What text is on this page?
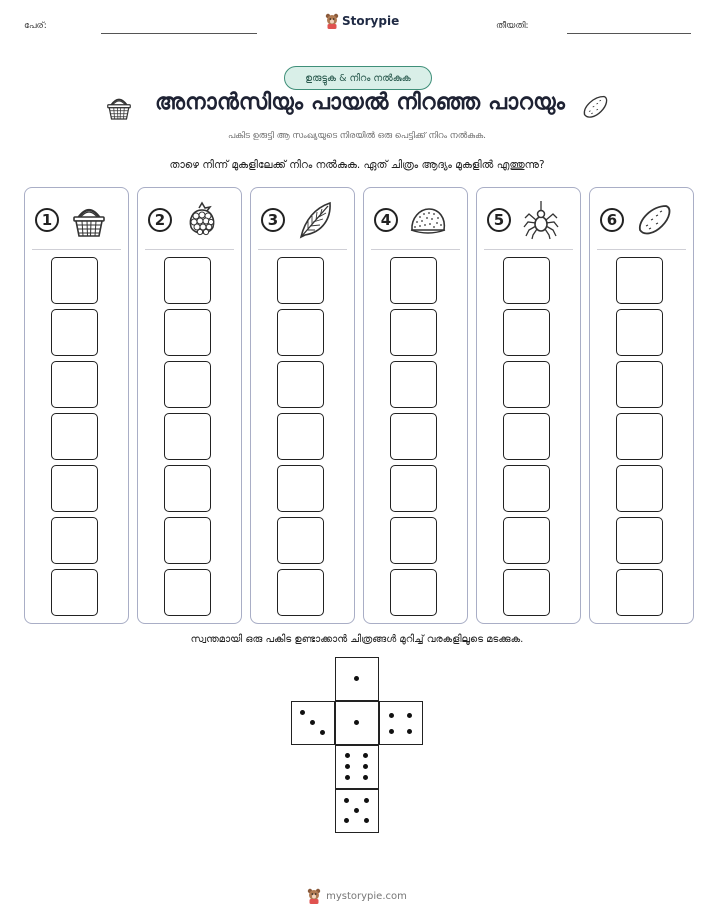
പേര്:	Storypie	തീയതി:
ഉരുട്ടുക & നിറം നൽകുക
അനാൻസിയും പായൽ നിറഞ്ഞ പാറയും
പകിട ഉരുട്ടി ആ സംഖ്യയുടെ നിരയിൽ ഒരു പെട്ടിക്ക് നിറം നൽകുക.
താഴെ നിന്ന് മുകളിലേക്ക് നിറം നൽകുക. ഏത് ചിത്രം ആദ്യം മുകളിൽ എത്തുന്നു?
1	2	3	4	5	6
സ്വന്തമായി ഒരു പകിട ഉണ്ടാക്കാൻ ചിത്രങ്ങൾ മുറിച്ച് വരകളിലൂടെ മടക്കുക.
mystorypie.com
